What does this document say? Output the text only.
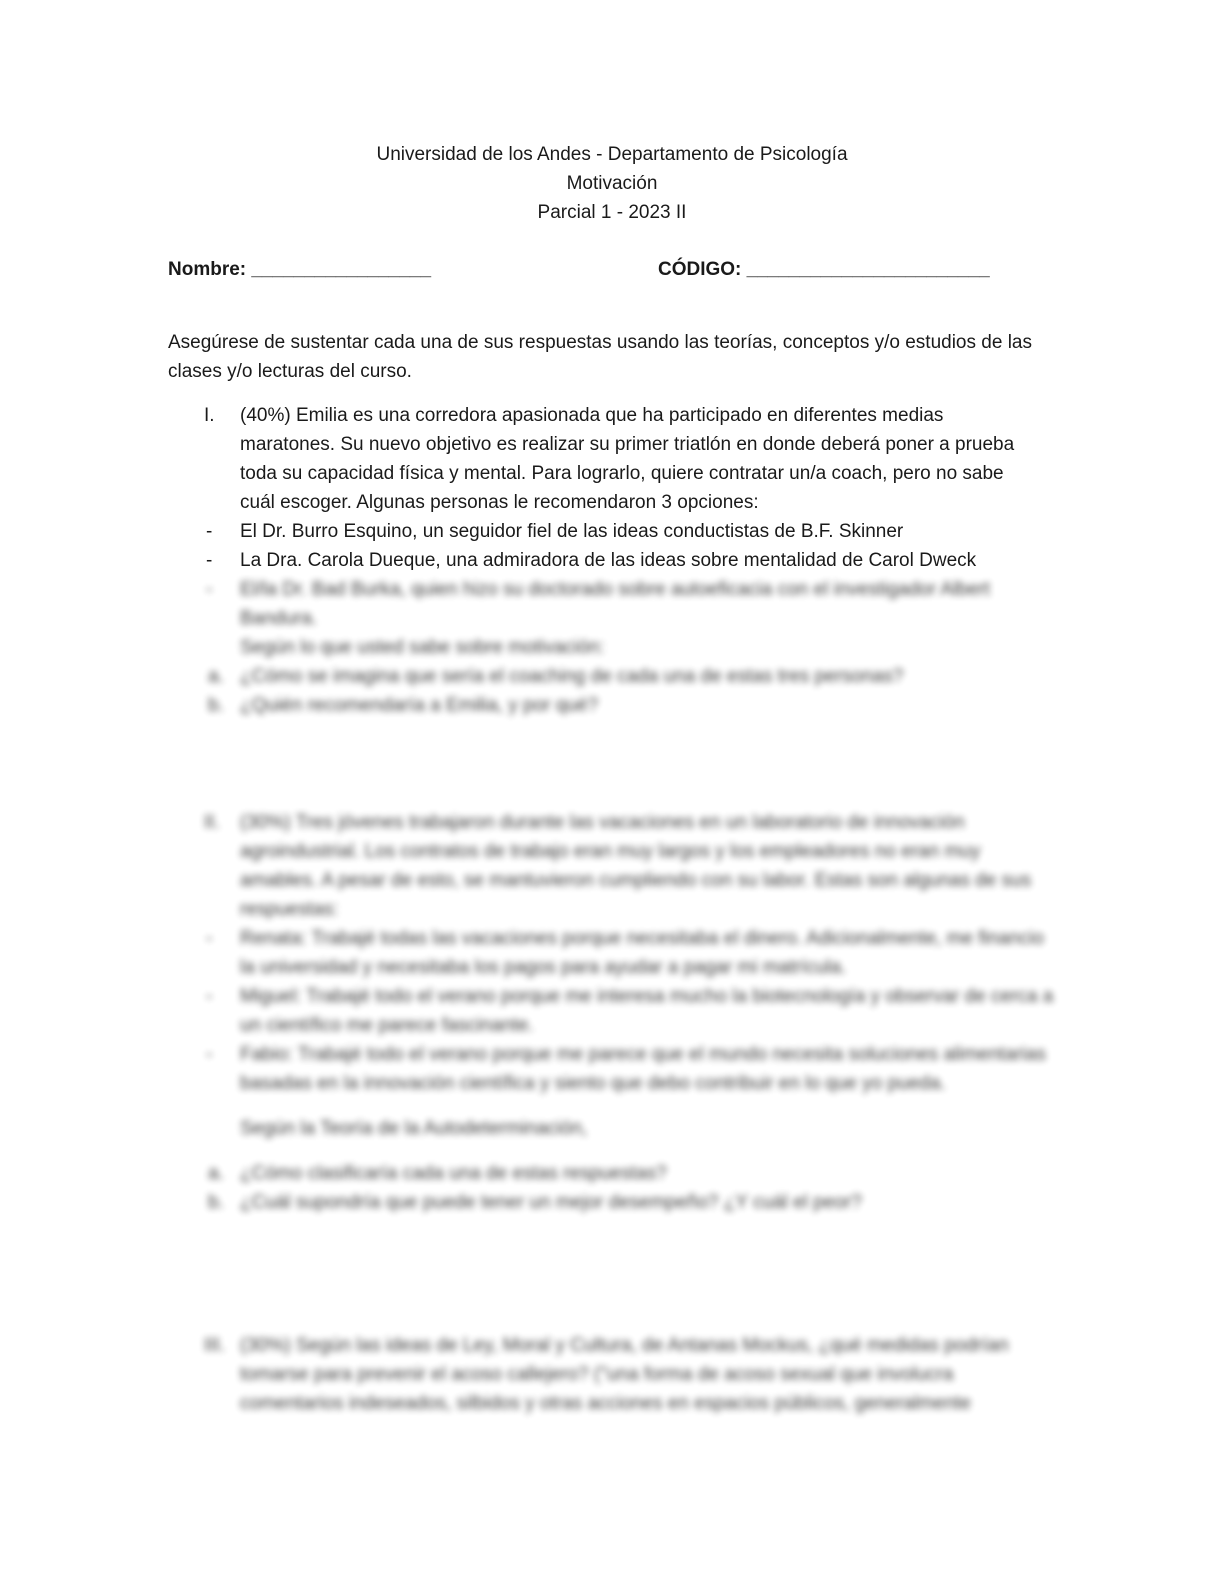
Universidad de los Andes - Departamento de Psicología
Motivación
Parcial 1 - 2023 II
Nombre: _________________	CÓDIGO: _______________________
Asegúrese de sustentar cada una de sus respuestas usando las teorías, conceptos y/o estudios de las clases y/o lecturas del curso.
I. (40%) Emilia es una corredora apasionada que ha participado en diferentes medias maratones. Su nuevo objetivo es realizar su primer triatlón en donde deberá poner a prueba toda su capacidad física y mental. Para lograrlo, quiere contratar un/a coach, pero no sabe cuál escoger. Algunas personas le recomendaron 3 opciones:
- El Dr. Burro Esquino, un seguidor fiel de las ideas conductistas de B.F. Skinner
- La Dra. Carola Dueque, una admiradora de las ideas sobre mentalidad de Carol Dweck
- El/la Dr. Bad Burka, quien hizo su doctorado sobre autoeficacia con el investigador Albert Bandura.
Según lo que usted sabe sobre motivación:
a. ¿Cómo se imagina que sería el coaching de cada una de estas tres personas?
b. ¿Quién recomendaría a Emilia, y por qué?
II. (30%) Tres jóvenes trabajaron durante las vacaciones en un laboratorio de innovación agroindustrial. Los contratos de trabajo eran muy largos y los empleadores no eran muy amables. A pesar de esto, se mantuvieron cumpliendo con su labor. Estas son algunas de sus respuestas:
- Renata: Trabajé todas las vacaciones porque necesitaba el dinero. Adicionalmente, me financio la universidad y necesitaba los pagos para ayudar a pagar mi matrícula.
- Miguel: Trabajé todo el verano porque me interesa mucho la biotecnología y observar de cerca a un científico me parece fascinante.
- Fabio: Trabajé todo el verano porque me parece que el mundo necesita soluciones alimentarias basadas en la innovación científica y siento que debo contribuir en lo que yo pueda.
Según la Teoría de la Autodeterminación,
a. ¿Cómo clasificaría cada una de estas respuestas?
b. ¿Cuál supondría que puede tener un mejor desempeño? ¿Y cuál el peor?
III. (30%) Según las ideas de Ley, Moral y Cultura, de Antanas Mockus, ¿qué medidas podrían tomarse para prevenir el acoso callejero? ("una forma de acoso sexual que involucra comentarios indeseados, silbidos y otras acciones en espacios públicos, generalmente
